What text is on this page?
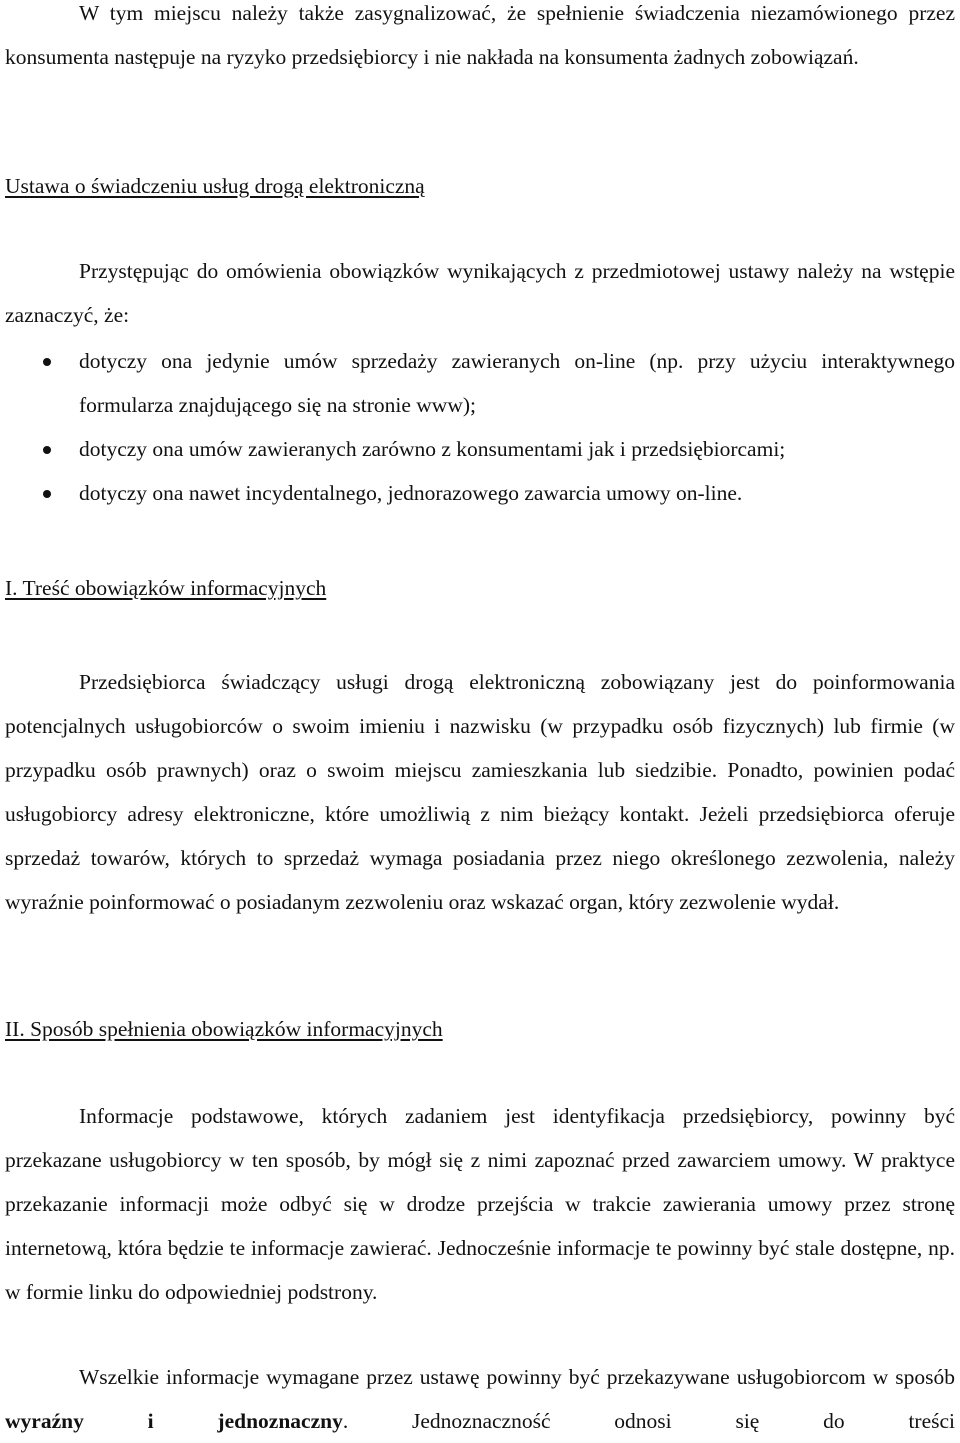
W tym miejscu należy także zasygnalizować, że spełnienie świadczenia niezamówionego przez konsumenta następuje na ryzyko przedsiębiorcy i nie nakłada na konsumenta żadnych zobowiązań.

Ustawa o świadczeniu usług drogą elektroniczną

Przystępując do omówienia obowiązków wynikających z przedmiotowej ustawy należy na wstępie zaznaczyć, że:

dotyczy ona jedynie umów sprzedaży zawieranych on-line (np. przy użyciu interaktywnego formularza znajdującego się na stronie www);
dotyczy ona umów zawieranych zarówno z konsumentami jak i przedsiębiorcami;
dotyczy ona nawet incydentalnego, jednorazowego zawarcia umowy on-line.
I. Treść obowiązków informacyjnych

Przedsiębiorca świadczący usługi drogą elektroniczną zobowiązany jest do poinformowania potencjalnych usługobiorców o swoim imieniu i nazwisku (w przypadku osób fizycznych) lub firmie (w przypadku osób prawnych) oraz o swoim miejscu zamieszkania lub siedzibie. Ponadto, powinien podać usługobiorcy adresy elektroniczne, które umożliwią z nim bieżący kontakt. Jeżeli przedsiębiorca oferuje sprzedaż towarów, których to sprzedaż wymaga posiadania przez niego określonego zezwolenia, należy wyraźnie poinformować o posiadanym zezwoleniu oraz wskazać organ, który zezwolenie wydał.

II. Sposób spełnienia obowiązków informacyjnych

Informacje podstawowe, których zadaniem jest identyfikacja przedsiębiorcy, powinny być przekazane usługobiorcy w ten sposób, by mógł się z nimi zapoznać przed zawarciem umowy. W praktyce przekazanie informacji może odbyć się w drodze przejścia w trakcie zawierania umowy przez stronę internetową, która będzie te informacje zawierać. Jednocześnie informacje te powinny być stale dostępne, np. w formie linku do odpowiedniej podstrony.

Wszelkie informacje wymagane przez ustawę powinny być przekazywane usługobiorcom w sposób wyraźny i jednoznaczny. Jednoznaczność odnosi się do treści
